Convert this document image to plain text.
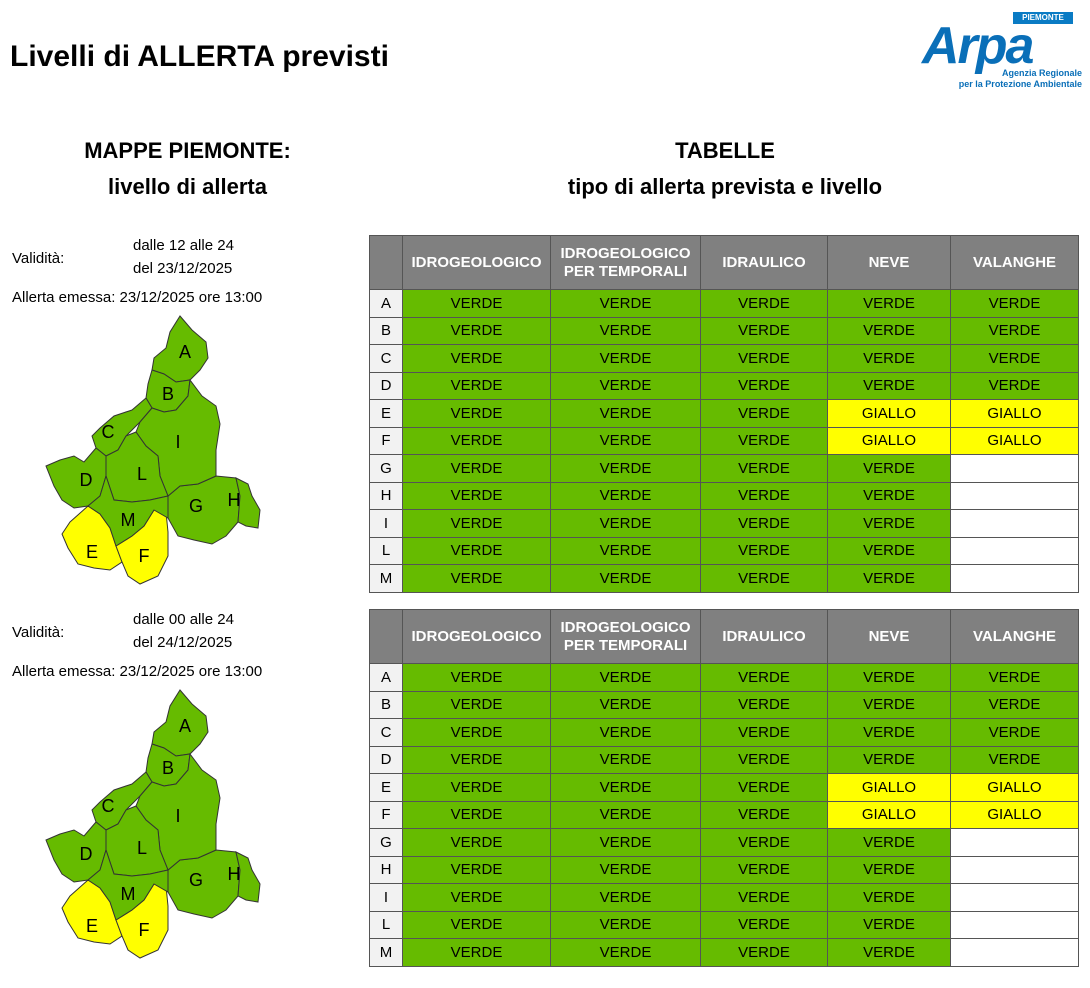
Livelli di ALLERTA previsti
PIEMONTE
Arpa
Agenzia Regionale
per la Protezione Ambientale
MAPPE PIEMONTE:
livello di allerta
TABELLE
tipo di allerta prevista e livello
Validità:
dalle 12 alle 24
del 23/12/2025
Allerta emessa: 23/12/2025 ore 13:00
A
B
C
D
E F
G H
I
L
M
	IDROGEOLOGICO	IDROGEOLOGICO PER TEMPORALI	IDRAULICO	NEVE	VALANGHE
A	VERDE	VERDE	VERDE	VERDE	VERDE
B	VERDE	VERDE	VERDE	VERDE	VERDE
C	VERDE	VERDE	VERDE	VERDE	VERDE
D	VERDE	VERDE	VERDE	VERDE	VERDE
E	VERDE	VERDE	VERDE	GIALLO	GIALLO
F	VERDE	VERDE	VERDE	GIALLO	GIALLO
G	VERDE	VERDE	VERDE	VERDE	
H	VERDE	VERDE	VERDE	VERDE	
I	VERDE	VERDE	VERDE	VERDE	
L	VERDE	VERDE	VERDE	VERDE	
M	VERDE	VERDE	VERDE	VERDE	
Validità:
dalle 00 alle 24
del 24/12/2025
Allerta emessa: 23/12/2025 ore 13:00
A
B
C
D
E F
G H
I
L
M
	IDROGEOLOGICO	IDROGEOLOGICO PER TEMPORALI	IDRAULICO	NEVE	VALANGHE
A	VERDE	VERDE	VERDE	VERDE	VERDE
B	VERDE	VERDE	VERDE	VERDE	VERDE
C	VERDE	VERDE	VERDE	VERDE	VERDE
D	VERDE	VERDE	VERDE	VERDE	VERDE
E	VERDE	VERDE	VERDE	GIALLO	GIALLO
F	VERDE	VERDE	VERDE	GIALLO	GIALLO
G	VERDE	VERDE	VERDE	VERDE	
H	VERDE	VERDE	VERDE	VERDE	
I	VERDE	VERDE	VERDE	VERDE	
L	VERDE	VERDE	VERDE	VERDE	
M	VERDE	VERDE	VERDE	VERDE	
